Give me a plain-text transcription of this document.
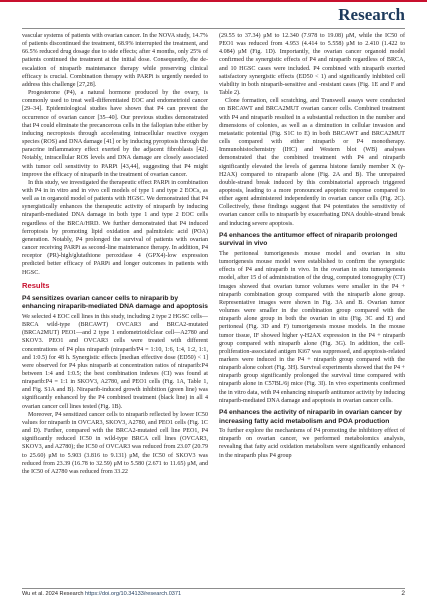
Research

vascular systems of patients with ovarian cancer. In the NOVA study, 14.7% of patients discontinued the treatment, 68.9% interrupted the treatment, and 66.5% reduced drug dosage due to side effects; after 4 months, only 25% of patients continued the treatment at the initial dose. Consequently, the de-escalation of niraparib maintenance therapy while preserving clinical efficacy is crucial. Combination therapy with PARPi is urgently needed to address this challenge [27,28].

Progesterone (P4), a natural hormone produced by the ovary, is commonly used to treat well-differentiated EOC and endometrioid cancer [29–34]. Epidemiological studies have shown that P4 can prevent the occurrence of ovarian cancer [35–40]. Our previous studies demonstrated that P4 could eliminate the precancerous cells in the fallopian tube either by inducing necroptosis through accelerating intracellular reactive oxygen species (ROS) and DNA damage [41] or by inducing pyroptosis through the paracrine inflammatory effect exerted by the adjacent fibroblasts [42]. Notably, intracellular ROS levels and DNA damage are closely associated with tumor cell sensitivity to PARPi [43,44], suggesting that P4 might improve the efficacy of niraparib in the treatment of ovarian cancer.

In this study, we investigated the therapeutic effect PARPi in combination with P4 in in vitro and in vivo cell models of type 1 and type 2 EOCs, as well as in organoid model of patients with HGSC. We demonstrated that P4 synergistically enhances the therapeutic activity of niraparib by inducing niraparib-mediated DNA damage in both type 1 and type 2 EOC cells regardless of the BRCA/HRD. We further demonstrated that P4 induced ferroptosis by promoting lipid oxidation and palmitoleic acid (POA) generation. Notably, P4 prolonged the survival of patients with ovarian cancer receiving PARPi as second-line maintenance therapy. In addition, P4 receptor (PR)-high/glutathione peroxidase 4 (GPX4)-low expression predicted better efficacy of PARPi and longer outcomes in patients with HGSC.

Results
P4 sensitizes ovarian cancer cells to niraparib by enhancing niraparib-mediated DNA damage and apoptosis

We selected 4 EOC cell lines in this study, including 2 type 2 HGSC cells—BRCA wild-type (BRCAWT) OVCAR3 and BRCA2-mutated (BRCA2MUT) PEO1—and 2 type 1 endometrioid/clear cell—A2780 and SKOV3. PEO1 and OVCAR3 cells were treated with different concentrations of P4 plus niraparib (niraparib/P4 = 1:10, 1:6, 1:4, 1:2, 1:1, and 1:0.5) for 48 h. Synergistic effects [median effective dose (ED50) < 1] were observed for P4 plus niraparib at concentration ratios of niraparib:P4 between 1:4 and 1:0.5; the best combination indexes (CI) was found at niraparib:P4 = 1:1 in SKOV3, A2780, and PEO1 cells (Fig. 1A, Table 1, and Fig. S1A and B). Niraparib-induced growth inhibition (green line) was significantly enhanced by the P4 combined treatment (black line) in all 4 ovarian cancer cell lines tested (Fig. 1B).

Moreover, P4 sensitized cancer cells to niraparib reflected by lower IC50 values for niraparib in OVCAR3, SKOV3, A2780, and PEO1 cells (Fig. 1C and D). Further, compared with the BRCA2-mutated cell line PEO1, P4 significantly reduced IC50 in wild-type BRCA cell lines (OVCAR3, SKOV3, and A2780); the IC50 of OVCAR3 was reduced from 23.07 (20.79 to 25.60) μM to 5.903 (3.816 to 9.131) μM, the IC50 of SKOV3 was reduced from 23.39 (16.78 to 32.59) μM to 5.580 (2.671 to 11.65) μM, and the IC50 of A2780 was reduced from 33.22

(29.55 to 37.34) μM to 12.340 (7.978 to 19.08) μM, while the IC50 of PEO1 was reduced from 4.953 (4.414 to 5.558) μM to 2.410 (1.422 to 4.084) μM (Fig. 1D). Importantly, the ovarian cancer organoid model confirmed the synergistic effects of P4 and niraparib regardless of BRCA, and 10 HGSC cases were included. P4 combined with niraparib exerted satisfactory synergistic effects (ED50 < 1) and significantly inhibited cell viability in both niraparib-sensitive and -resistant cases (Fig. 1E and F and Table 2).

Clone formation, cell scratching, and Transwell assays were conducted on BRCAWT and BRCA2MUT ovarian cancer cells. Combined treatment with P4 and niraparib resulted in a substantial reduction in the number and dimensions of colonies, as well as a diminution in cellular invasion and metastatic potential (Fig. S1C to E) in both BRCAWT and BRCA2MUT cells compared with either niraparib or P4 monotherapy. Immunohistochemistry (IHC) and Western blot (WB) analyses demonstrated that the combined treatment with P4 and niraparib significantly elevated the levels of gamma histone family member X (γ-H2AX) compared to niraparib alone (Fig. 2A and B). The unrepaired double-strand break induced by this combinatorial approach triggered apoptosis, leading to a more pronounced apoptotic response compared to either agent administered independently in ovarian cancer cells (Fig. 2C). Collectively, these findings suggest that P4 potentiates the sensitivity of ovarian cancer cells to niraparib by exacerbating DNA double-strand break and inducing severe apoptosis.

P4 enhances the antitumor effect of niraparib prolonged survival in vivo

The peritoneal tumorigenesis mouse model and ovarian in situ tumorigenesis mouse model were established to confirm the synergistic effects of P4 and niraparib in vivo. In the ovarian in situ tumorigenesis model, after 15 d of administration of the drug, computed tomography (CT) images showed that ovarian tumor volumes were smaller in the P4 + niraparib combination group compared with the niraparib alone group. Representative images were shown in Fig. 3A and B. Ovarian tumor volumes were smaller in the combination group compared with the niraparib alone group in both the ovarian in situ (Fig. 3C and E) and peritoneal (Fig. 3D and F) tumorigenesis mouse models. In the mouse tumor tissue, IF showed higher γ-H2AX expression in the P4 + niraparib group compared with niraparib alone (Fig. 3G). In addition, the cell-proliferation-associated antigen Ki67 was suppressed, and apoptosis-related markers were induced in the P4 + niraparib group compared with the niraparib alone cohort (Fig. 3H). Survival experiments showed that the P4 + niraparib group significantly prolonged the survival time compared with niraparib alone in C57BL/6j mice (Fig. 3I). In vivo experiments confirmed the in vitro data, with P4 enhancing niraparib antitumor activity by inducing niraparib-mediated DNA damage and apoptosis in ovarian cancer cells.

P4 enhances the activity of niraparib in ovarian cancer by increasing fatty acid metabolism and POA production

To further explore the mechanisms of P4 promoting the inhibitory effect of niraparib on ovarian cancer, we performed metabolomics analysis, revealing that fatty acid oxidation metabolism were significantly enhanced in the niraparib plus P4 group

Wu et al. 2024 Research https://doi.org/10.34133/research.0371	2
